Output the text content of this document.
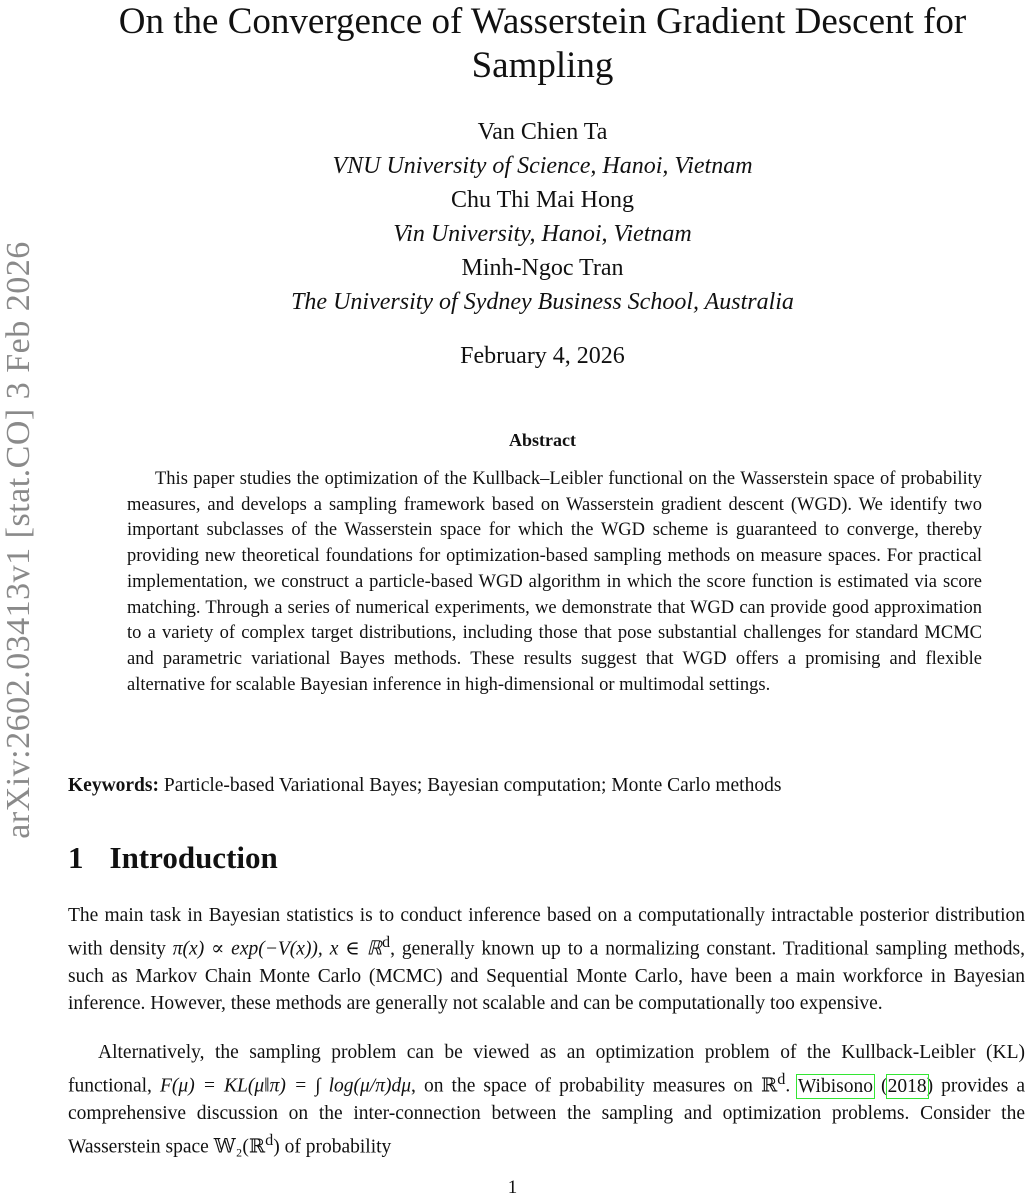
arXiv:2602.03413v1 [stat.CO] 3 Feb 2026
On the Convergence of Wasserstein Gradient Descent for Sampling
Van Chien Ta
VNU University of Science, Hanoi, Vietnam
Chu Thi Mai Hong
Vin University, Hanoi, Vietnam
Minh-Ngoc Tran
The University of Sydney Business School, Australia
February 4, 2026
Abstract

This paper studies the optimization of the Kullback–Leibler functional on the Wasserstein space of probability measures, and develops a sampling framework based on Wasserstein gradient descent (WGD). We identify two important subclasses of the Wasserstein space for which the WGD scheme is guaranteed to converge, thereby providing new theoretical foundations for optimization-based sampling methods on measure spaces. For practical implementation, we construct a particle-based WGD algorithm in which the score function is estimated via score matching. Through a series of numerical experiments, we demonstrate that WGD can provide good approximation to a variety of complex target distributions, including those that pose substantial challenges for standard MCMC and parametric variational Bayes methods. These results suggest that WGD offers a promising and flexible alternative for scalable Bayesian inference in high-dimensional or multimodal settings.

Keywords: Particle-based Variational Bayes; Bayesian computation; Monte Carlo methods
1 Introduction

The main task in Bayesian statistics is to conduct inference based on a computationally intractable posterior distribution with density π(x) ∝ exp(−V(x)), x ∈ ℝ$^d$, generally known up to a normalizing constant. Traditional sampling methods, such as Markov Chain Monte Carlo (MCMC) and Sequential Monte Carlo, have been a main workforce in Bayesian inference. However, these methods are generally not scalable and can be computationally too expensive.

Alternatively, the sampling problem can be viewed as an optimization problem of the Kullback-Leibler (KL) functional, F(μ) = KL(μ‖π) = ∫ log(μ/π)dμ, on the space of probability measures on ℝ$^d$. Wibisono (2018) provides a comprehensive discussion on the inter-connection between the sampling and optimization problems. Consider the Wasserstein space 𝕎₂(ℝ$^d$) of probability

1
